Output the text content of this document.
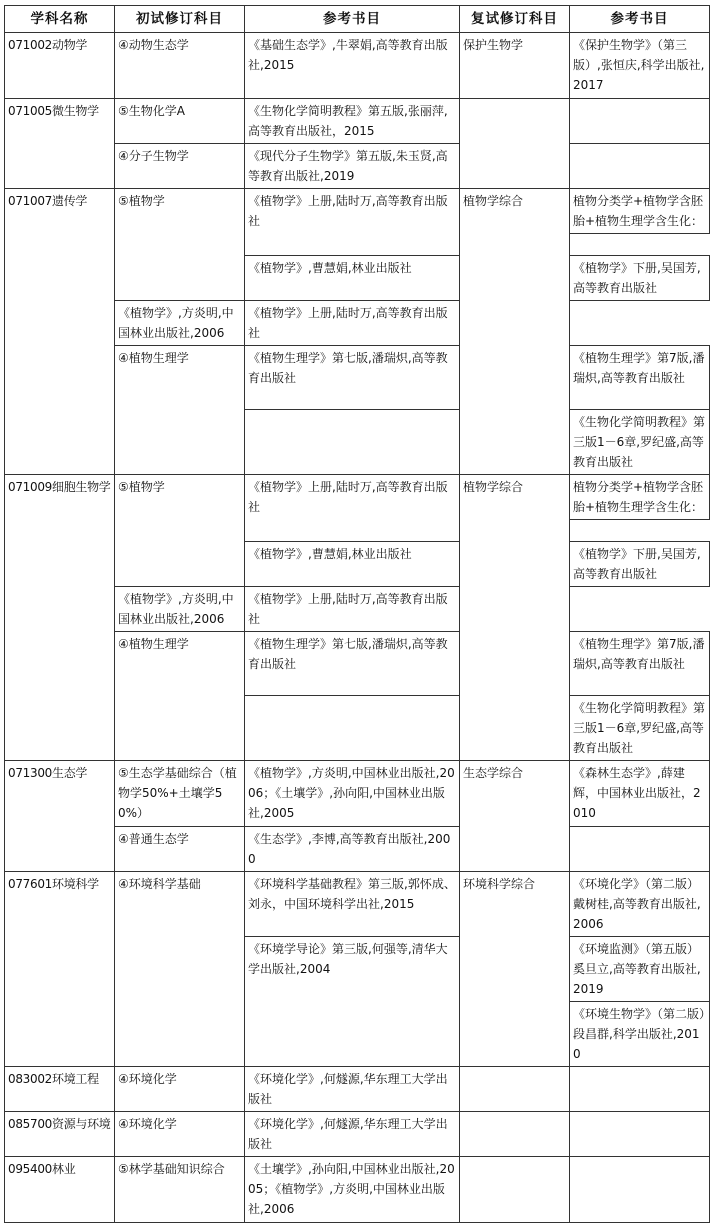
学科名称	初试修订科目	参考书目	复试修订科目	参考书目
071002动物学	④动物生态学	《基础生态学》,牛翠娟,高等教育出版社,2015	保护生物学	《保护生物学》（第三版）,张恒庆,科学出版社,2017
071005微生物学	⑤生物化学A	《生物化学简明教程》第五版,张丽萍,高等教育出版社，2015		
	④分子生物学	《现代分子生物学》第五版,朱玉贤,高等教育出版社,2019		
071007遗传学	⑤植物学	《植物学》上册,陆时万,高等教育出版社	植物学综合	植物分类学+植物学含胚胎+植物生理学含生化：

		《植物学》,曹慧娟,林业出版社		《植物学》下册,吴国芳,高等教育出版社
	《植物学》,方炎明,中国林业出版社,2006	《植物学》上册,陆时万,高等教育出版社		
	④植物生理学	《植物生理学》第七版,潘瑞炽,高等教育出版社		《植物生理学》第7版,潘瑞炽,高等教育出版社
				《生物化学简明教程》第三版1－6章,罗纪盛,高等教育出版社
071009细胞生物学	⑤植物学	《植物学》上册,陆时万,高等教育出版社	植物学综合	植物分类学+植物学含胚胎+植物生理学含生化：

		《植物学》,曹慧娟,林业出版社		《植物学》下册,吴国芳,高等教育出版社
	《植物学》,方炎明,中国林业出版社,2006	《植物学》上册,陆时万,高等教育出版社		
	④植物生理学	《植物生理学》第七版,潘瑞炽,高等教育出版社		《植物生理学》第7版,潘瑞炽,高等教育出版社
				《生物化学简明教程》第三版1－6章,罗纪盛,高等教育出版社
071300生态学	⑤生态学基础综合（植物学50%+土壤学50%）	《植物学》,方炎明,中国林业出版社,2006；《土壤学》,孙向阳,中国林业出版社,2005	生态学综合	《森林生态学》,薛建辉，中国林业出版社，2010
	④普通生态学	《生态学》,李博,高等教育出版社,2000		
077601环境科学	④环境科学基础	《环境科学基础教程》第三版,郭怀成、刘永，中国环境科学出社,2015	环境科学综合	《环境化学》（第二版）戴树桂,高等教育出版社,2006
		《环境学导论》第三版,何强等,清华大学出版社,2004		《环境监测》（第五版）奚旦立,高等教育出版社,2019
				《环境生物学》（第二版）段昌群,科学出版社,2010
083002环境工程	④环境化学	《环境化学》,何燧源,华东理工大学出版社		
085700资源与环境	④环境化学	《环境化学》,何燧源,华东理工大学出版社		
095400林业	⑤林学基础知识综合	《土壤学》,孙向阳,中国林业出版社,2005；《植物学》,方炎明,中国林业出版社,2006		
